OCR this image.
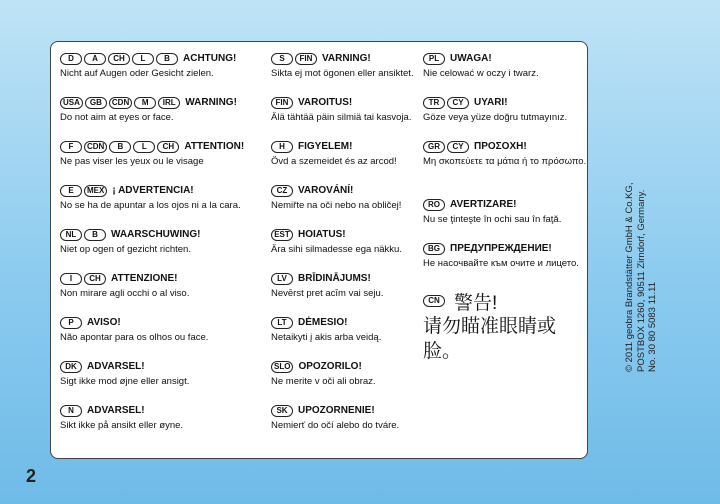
D	A	CH	L	B	ACHTUNG!
Nicht auf Augen oder Gesicht zielen.
USA	GB	CDN	M	IRL WARNING!
Do not aim at eyes or face.
F	CDN	B	L	CH	ATTENTION!
Ne pas viser les yeux ou le visage
E	MEX ¡ ADVERTENCIA!
No se ha de apuntar a los ojos ni a la cara.
NL	B	WAARSCHUWING!
Niet op ogen of gezicht richten.
I	CH	ATTENZIONE!
Non mirare agli occhi o al viso.
P	AVISO!
Não apontar para os olhos ou face.
DK	ADVARSEL!
Sigt ikke mod øjne eller ansigt.
N	ADVARSEL!
Sikt ikke på ansikt eller øyne.
S	FIN VARNING!
Sikta ej mot ögonen eller ansiktet.
FIN VAROITUS!
Älä tähtää päin silmiä tai kasvoja.
H	FIGYELEM!
Övd a szemeidet és az arcod!
CZ	VAROVÁNÍ!
Nemiřte na oči nebo na obličej!
EST HOIATUS!
Ära sihi silmadesse ega näkku.
LV	BRĪDINĀJUMS!
Nevērst pret acīm vai seju.
LT	DĖMESIO!
Netaikyti į akis arba veidą.
SLO OPOZORILO!
Ne merite v oči ali obraz.
SK	UPOZORNENIE!
Nemierť do očí alebo do tváre.
PL	UWAGA!
Nie celować w oczy i twarz.
TR	CY	UYARI!
Göze veya yüze doğru tutmayınız.
GR	CY	ΠΡΟΣΟΧΗ!
Μη σκοπεύετε τα μάτια ή το πρόσωπο.
RO	AVERTIZARE!
Nu se ţinteşte în ochi sau în faţă.
BG	ПРЕДУПРЕЖДЕНИЕ!
Не насочвайте към очите и лицето.
CN 警告!
请勿瞄准眼睛或脸。	© 2011 geobra Brandstätter GmbH & Co.KG, POSTBOX 1260, 90511 Zirndorf, Germany. No. 30 80 5083 11.11
2
